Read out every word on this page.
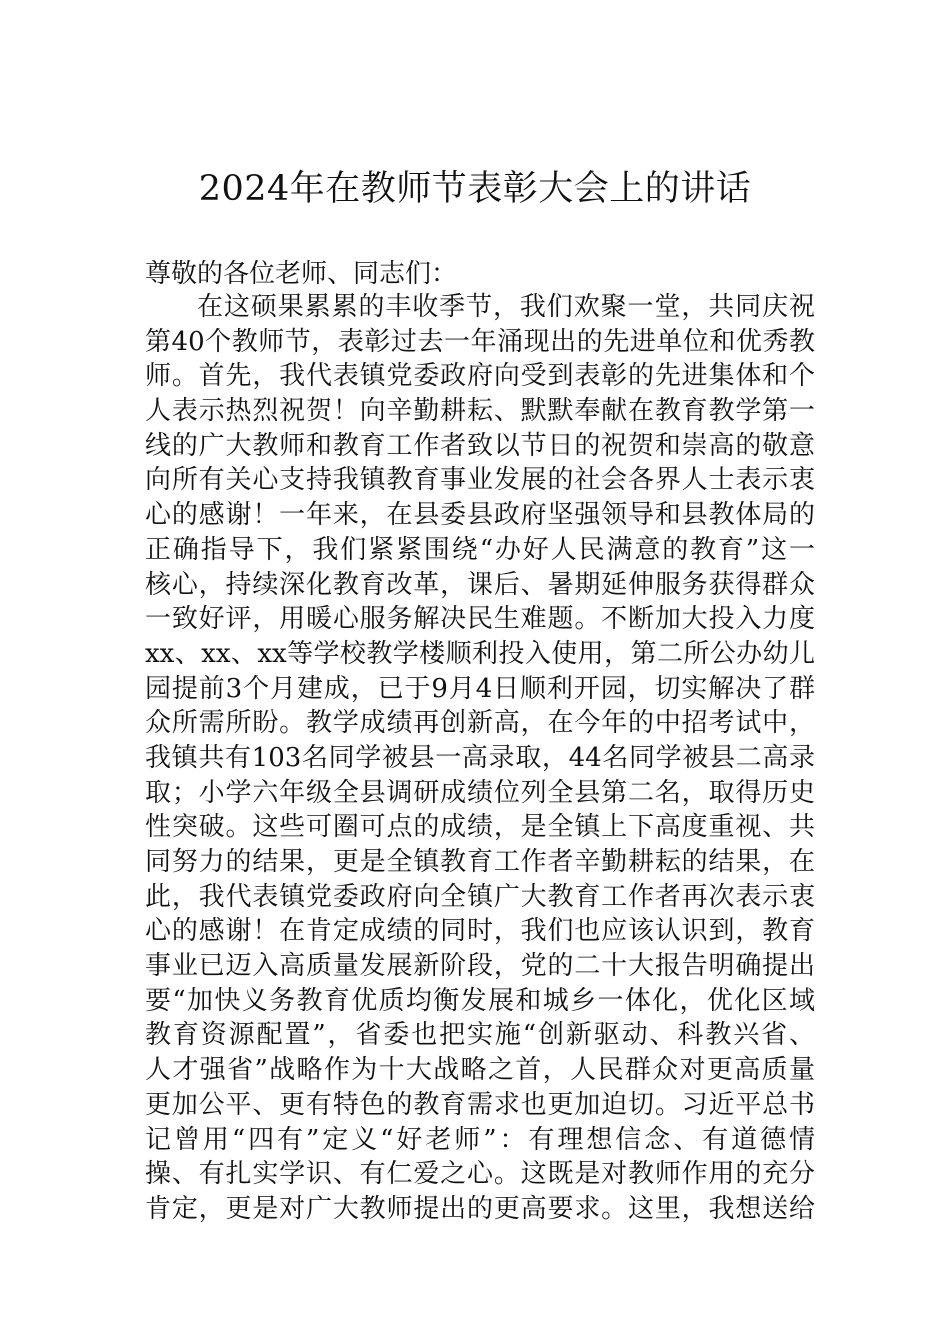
2024年在教师节表彰大会上的讲话

尊敬的各位老师、同志们：

在这硕果累累的丰收季节，我们欢聚一堂，共同庆祝
第40个教师节，表彰过去一年涌现出的先进单位和优秀教
师。首先，我代表镇党委政府向受到表彰的先进集体和个
人表示热烈祝贺！向辛勤耕耘、默默奉献在教育教学第一
线的广大教师和教育工作者致以节日的祝贺和崇高的敬意
向所有关心支持我镇教育事业发展的社会各界人士表示衷
心的感谢！一年来，在县委县政府坚强领导和县教体局的
正确指导下，我们紧紧围绕“办好人民满意的教育”这一
核心，持续深化教育改革，课后、暑期延伸服务获得群众
一致好评，用暖心服务解决民生难题。不断加大投入力度
xx、xx、xx等学校教学楼顺利投入使用，第二所公办幼儿
园提前3个月建成，已于9月4日顺利开园，切实解决了群
众所需所盼。教学成绩再创新高，在今年的中招考试中，
我镇共有103名同学被县一高录取，44名同学被县二高录
取；小学六年级全县调研成绩位列全县第二名，取得历史
性突破。这些可圈可点的成绩，是全镇上下高度重视、共
同努力的结果，更是全镇教育工作者辛勤耕耘的结果，在
此，我代表镇党委政府向全镇广大教育工作者再次表示衷
心的感谢！在肯定成绩的同时，我们也应该认识到，教育
事业已迈入高质量发展新阶段，党的二十大报告明确提出
要“加快义务教育优质均衡发展和城乡一体化，优化区域
教育资源配置”，省委也把实施“创新驱动、科教兴省、
人才强省”战略作为十大战略之首，人民群众对更高质量
更加公平、更有特色的教育需求也更加迫切。习近平总书
记曾用“四有”定义“好老师”：有理想信念、有道德情
操、有扎实学识、有仁爱之心。这既是对教师作用的充分
肯定，更是对广大教师提出的更高要求。这里，我想送给
